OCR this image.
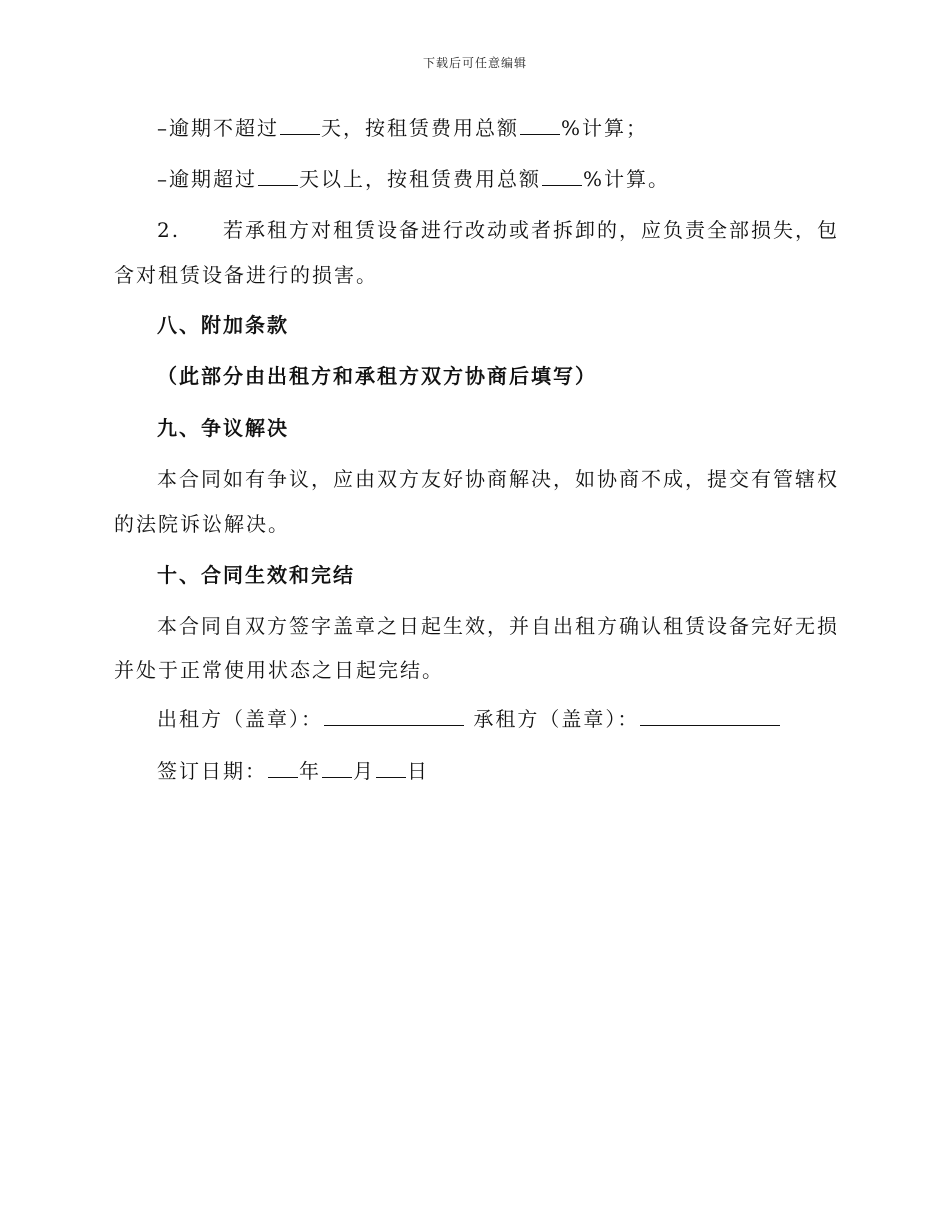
下载后可任意编辑
–逾期不超过 天，按租赁费用总额 %计算；
–逾期超过 天以上，按租赁费用总额 %计算。
2. 若承租方对租赁设备进行改动或者拆卸的，应负责全部损失，包
含对租赁设备进行的损害。
八、附加条款
（此部分由出租方和承租方双方协商后填写）
九、争议解决
本合同如有争议，应由双方友好协商解决，如协商不成，提交有管辖权
的法院诉讼解决。
十、合同生效和完结
本合同自双方签字盖章之日起生效，并自出租方确认租赁设备完好无损
并处于正常使用状态之日起完结。
出租方（盖章）：	承租方（盖章）：
签订日期： 年 月 日
